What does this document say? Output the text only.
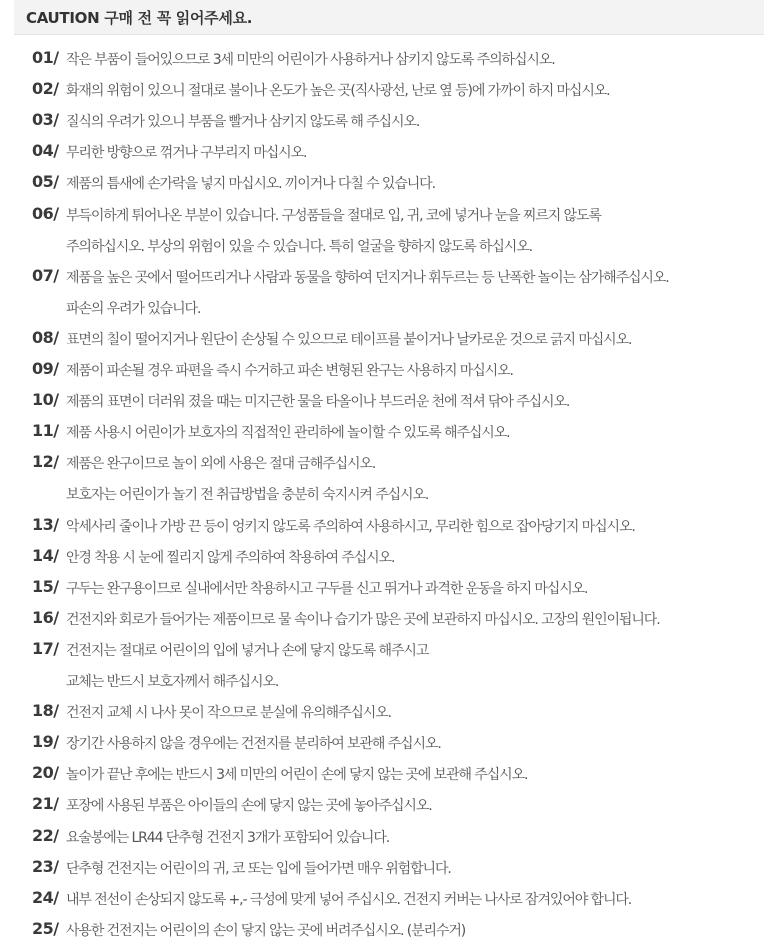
CAUTION 구매 전 꼭 읽어주세요.
01/ 작은 부품이 들어있으므로 3세 미만의 어린이가 사용하거나 삼키지 않도록 주의하십시오.
02/ 화재의 위험이 있으니 절대로 불이나 온도가 높은 곳(직사광선, 난로 옆 등)에 가까이 하지 마십시오.
03/ 질식의 우려가 있으니 부품을 빨거나 삼키지 않도록 해 주십시오.
04/ 무리한 방향으로 꺾거나 구부리지 마십시오.
05/ 제품의 틈새에 손가락을 넣지 마십시오. 끼이거나 다칠 수 있습니다.
06/ 부득이하게 튀어나온 부분이 있습니다. 구성품들을 절대로 입, 귀, 코에 넣거나 눈을 찌르지 않도록
주의하십시오. 부상의 위험이 있을 수 있습니다. 특히 얼굴을 향하지 않도록 하십시오.
07/ 제품을 높은 곳에서 떨어뜨리거나 사람과 동물을 향하여 던지거나 휘두르는 등 난폭한 놀이는 삼가해주십시오.
파손의 우려가 있습니다.
08/ 표면의 칠이 떨어지거나 원단이 손상될 수 있으므로 테이프를 붙이거나 날카로운 것으로 긁지 마십시오.
09/ 제품이 파손될 경우 파편을 즉시 수거하고 파손 변형된 완구는 사용하지 마십시오.
10/ 제품의 표면이 더러워 졌을 때는 미지근한 물을 타올이나 부드러운 천에 적셔 닦아 주십시오.
11/ 제품 사용시 어린이가 보호자의 직접적인 관리하에 놀이할 수 있도록 해주십시오.
12/ 제품은 완구이므로 놀이 외에 사용은 절대 금해주십시오.
보호자는 어린이가 놀기 전 취급방법을 충분히 숙지시켜 주십시오.
13/ 악세사리 줄이나 가방 끈 등이 엉키지 않도록 주의하여 사용하시고, 무리한 힘으로 잡아당기지 마십시오.
14/ 안경 착용 시 눈에 찔리지 않게 주의하여 착용하여 주십시오.
15/ 구두는 완구용이므로 실내에서만 착용하시고 구두를 신고 뛰거나 과격한 운동을 하지 마십시오.
16/ 건전지와 회로가 들어가는 제품이므로 물 속이나 습기가 많은 곳에 보관하지 마십시오. 고장의 원인이됩니다.
17/ 건전지는 절대로 어린이의 입에 넣거나 손에 닿지 않도록 해주시고
교체는 반드시 보호자께서 해주십시오.
18/ 건전지 교체 시 나사 못이 작으므로 분실에 유의해주십시오.
19/ 장기간 사용하지 않을 경우에는 건전지를 분리하여 보관해 주십시오.
20/ 놀이가 끝난 후에는 반드시 3세 미만의 어린이 손에 닿지 않는 곳에 보관해 주십시오.
21/ 포장에 사용된 부품은 아이들의 손에 닿지 않는 곳에 놓아주십시오.
22/ 요술봉에는 LR44 단추형 건전지 3개가 포함되어 있습니다.
23/ 단추형 건전지는 어린이의 귀, 코 또는 입에 들어가면 매우 위험합니다.
24/ 내부 전선이 손상되지 않도록 +,- 극성에 맞게 넣어 주십시오. 건전지 커버는 나사로 잠겨있어야 합니다.
25/ 사용한 건전지는 어린이의 손이 닿지 않는 곳에 버려주십시오. (분리수거)
